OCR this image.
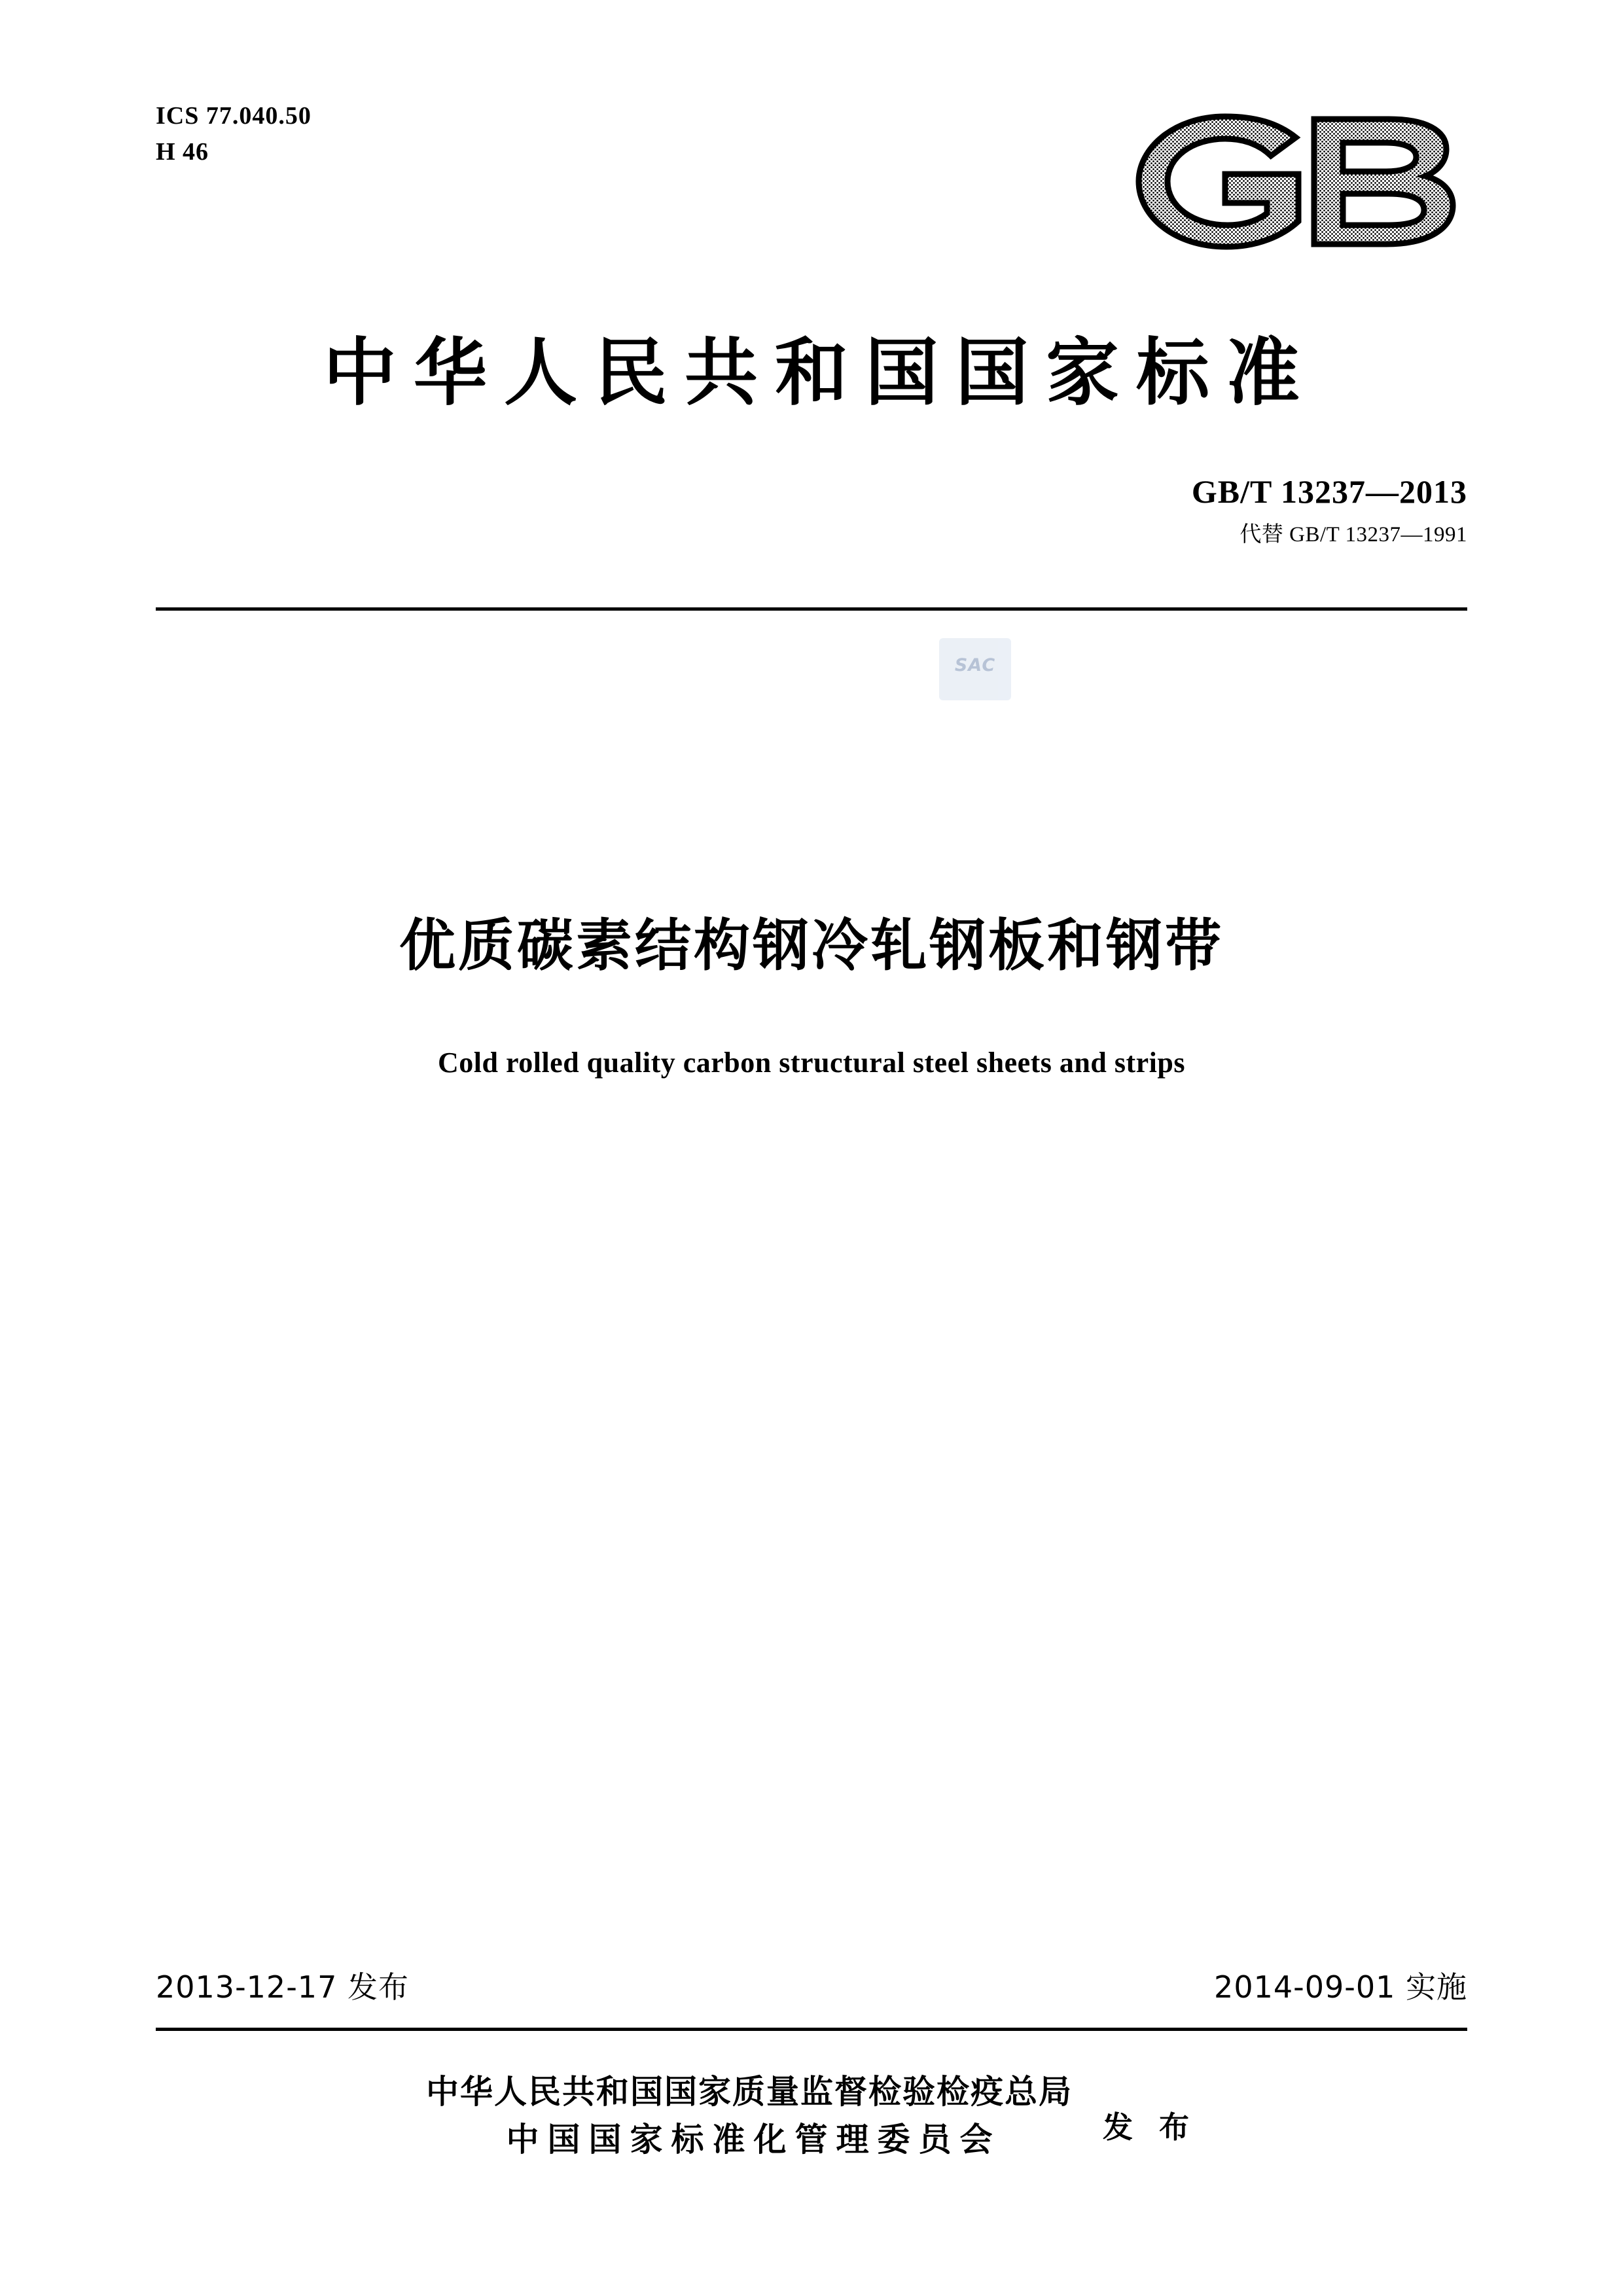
ICS 77.040.50
H 46
中华人民共和国国家标准
GB/T 13237—2013
代替 GB/T 13237—1991
SAC
优质碳素结构钢冷轧钢板和钢带
Cold rolled quality carbon structural steel sheets and strips
2013-12-17 发布	2014-09-01 实施
中华人民共和国国家质量监督检验检疫总局
中国国家标准化管理委员会	发 布
